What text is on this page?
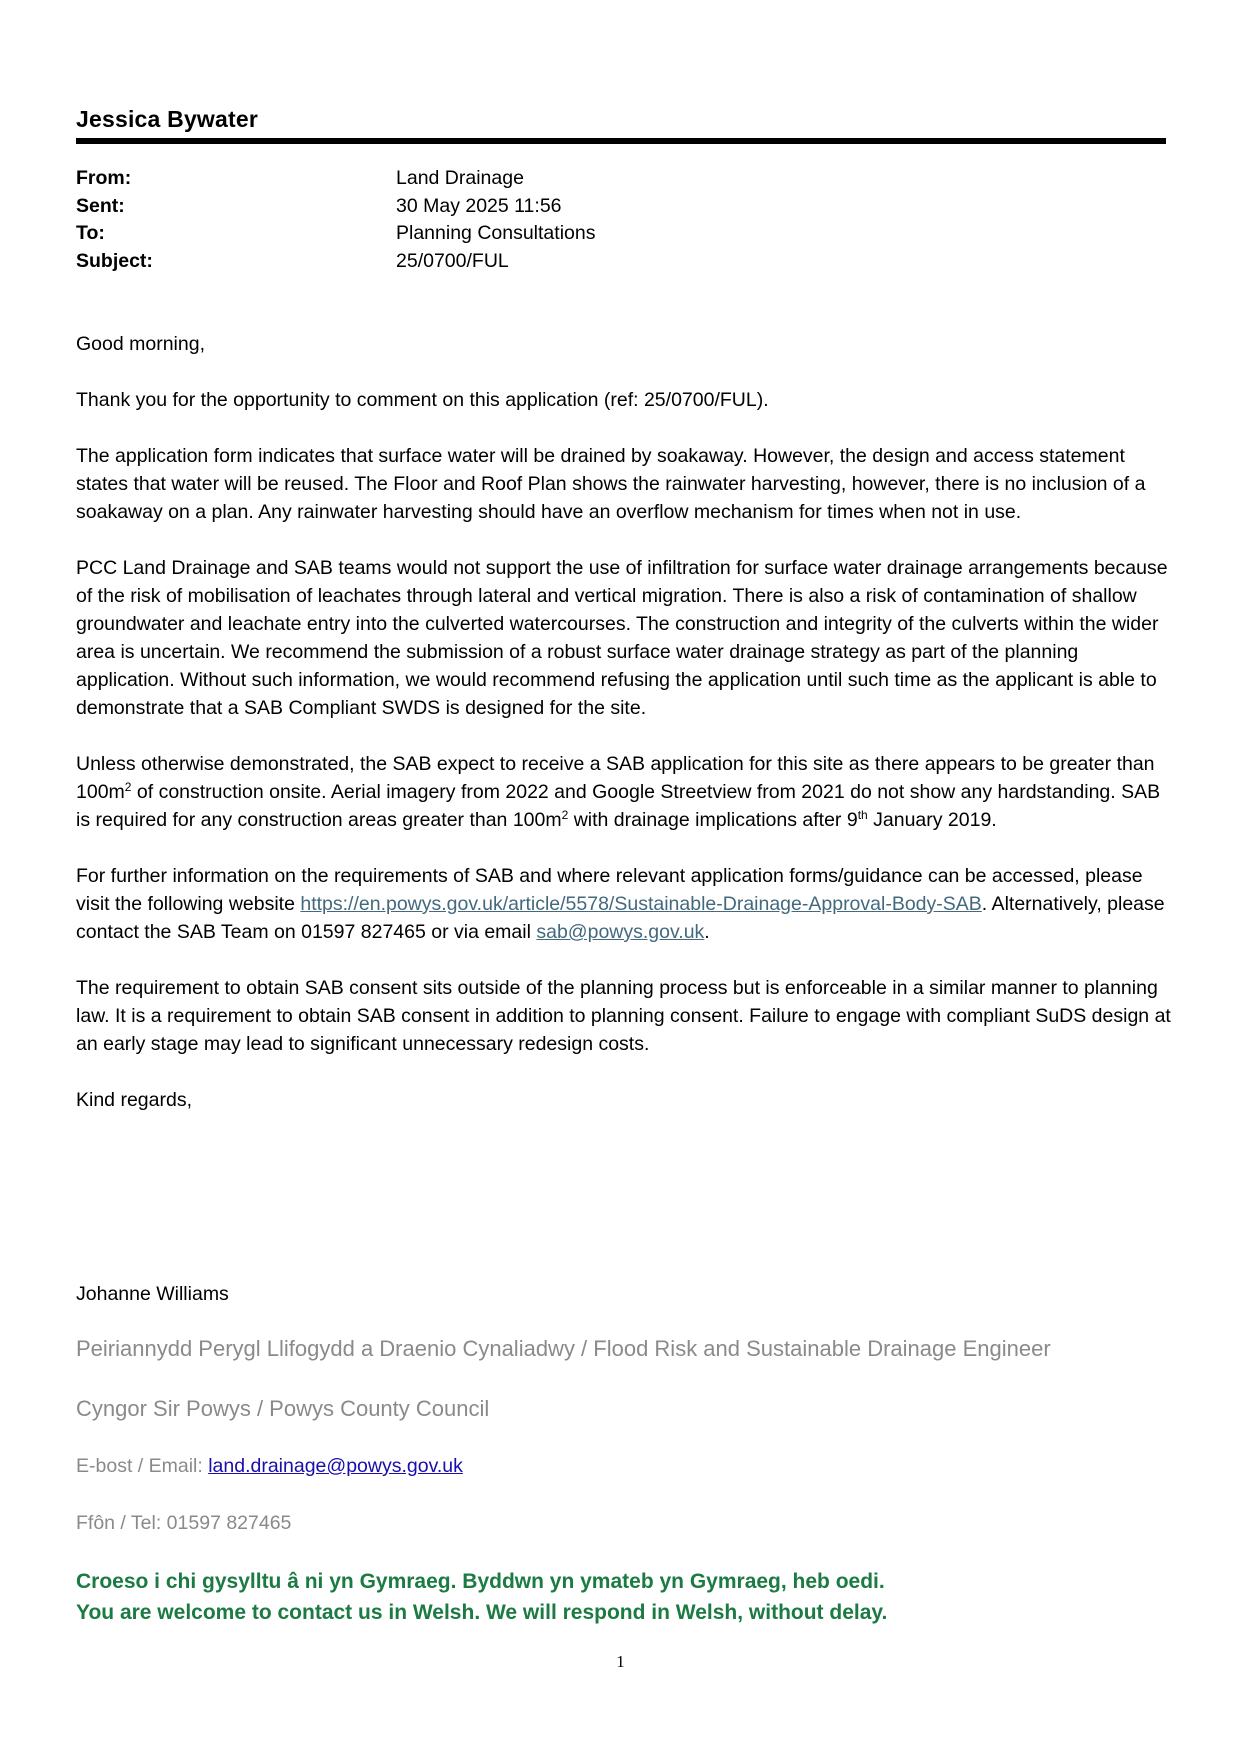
Jessica Bywater
From:	Land Drainage
Sent:	30 May 2025 11:56
To:	Planning Consultations
Subject:	25/0700/FUL

Good morning,

Thank you for the opportunity to comment on this application (ref: 25/0700/FUL).

The application form indicates that surface water will be drained by soakaway. However, the design and access statement states that water will be reused. The Floor and Roof Plan shows the rainwater harvesting, however, there is no inclusion of a soakaway on a plan. Any rainwater harvesting should have an overflow mechanism for times when not in use.

PCC Land Drainage and SAB teams would not support the use of infiltration for surface water drainage arrangements because of the risk of mobilisation of leachates through lateral and vertical migration. There is also a risk of contamination of shallow groundwater and leachate entry into the culverted watercourses. The construction and integrity of the culverts within the wider area is uncertain. We recommend the submission of a robust surface water drainage strategy as part of the planning application. Without such information, we would recommend refusing the application until such time as the applicant is able to demonstrate that a SAB Compliant SWDS is designed for the site.

Unless otherwise demonstrated, the SAB expect to receive a SAB application for this site as there appears to be greater than $100m^2$ of construction onsite. Aerial imagery from 2022 and Google Streetview from 2021 do not show any hardstanding. SAB is required for any construction areas greater than $100m^2$ with drainage implications after 9th January 2019.

For further information on the requirements of SAB and where relevant application forms/guidance can be accessed, please visit the following website https://en.powys.gov.uk/article/5578/Sustainable-Drainage-Approval-Body-SAB. Alternatively, please contact the SAB Team on 01597 827465 or via email sab@powys.gov.uk.

The requirement to obtain SAB consent sits outside of the planning process but is enforceable in a similar manner to planning law. It is a requirement to obtain SAB consent in addition to planning consent. Failure to engage with compliant SuDS design at an early stage may lead to significant unnecessary redesign costs.

Kind regards,

Johanne Williams
Peiriannydd Perygl Llifogydd a Draenio Cynaliadwy / Flood Risk and Sustainable Drainage Engineer
Cyngor Sir Powys / Powys County Council
E-bost / Email: land.drainage@powys.gov.uk
Ffôn / Tel: 01597 827465
Croeso i chi gysylltu â ni yn Gymraeg. Byddwn yn ymateb yn Gymraeg, heb oedi.
You are welcome to contact us in Welsh. We will respond in Welsh, without delay.
1
